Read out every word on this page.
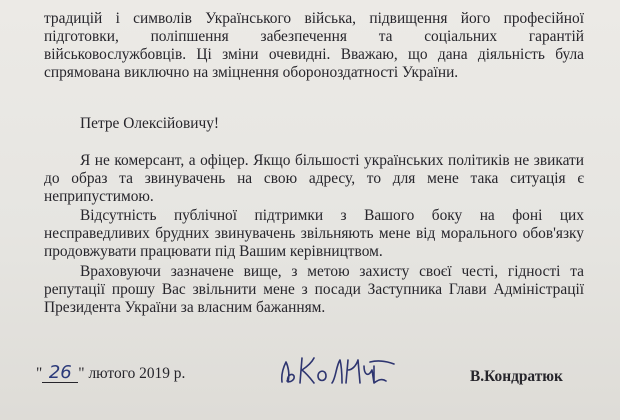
традицій і символів Українського війська, підвищення його професійної
підготовки, поліпшення забезпечення та соціальних гарантій
військовослужбовців. Ці зміни очевидні. Вважаю, що дана діяльність була
спрямована виключно на зміцнення обороноздатності України.
Петре Олексійовичу!
Я не комерсант, а офіцер. Якщо більшості українських політиків не звикати
до образ та звинувачень на свою адресу, то для мене така ситуація є
неприпустимою.
Відсутність публічної підтримки з Вашого боку на фоні цих
несправедливих брудних звинувачень звільняють мене від морального обов'язку
продовжувати працювати під Вашим керівництвом.
Враховуючи зазначене вище, з метою захисту своєї честі, гідності та
репутації прошу Вас звільнити мене з посади Заступника Глави Адміністрації
Президента України за власним бажанням.
" 26 " лютого 2019 р.	В.Кондратюк
